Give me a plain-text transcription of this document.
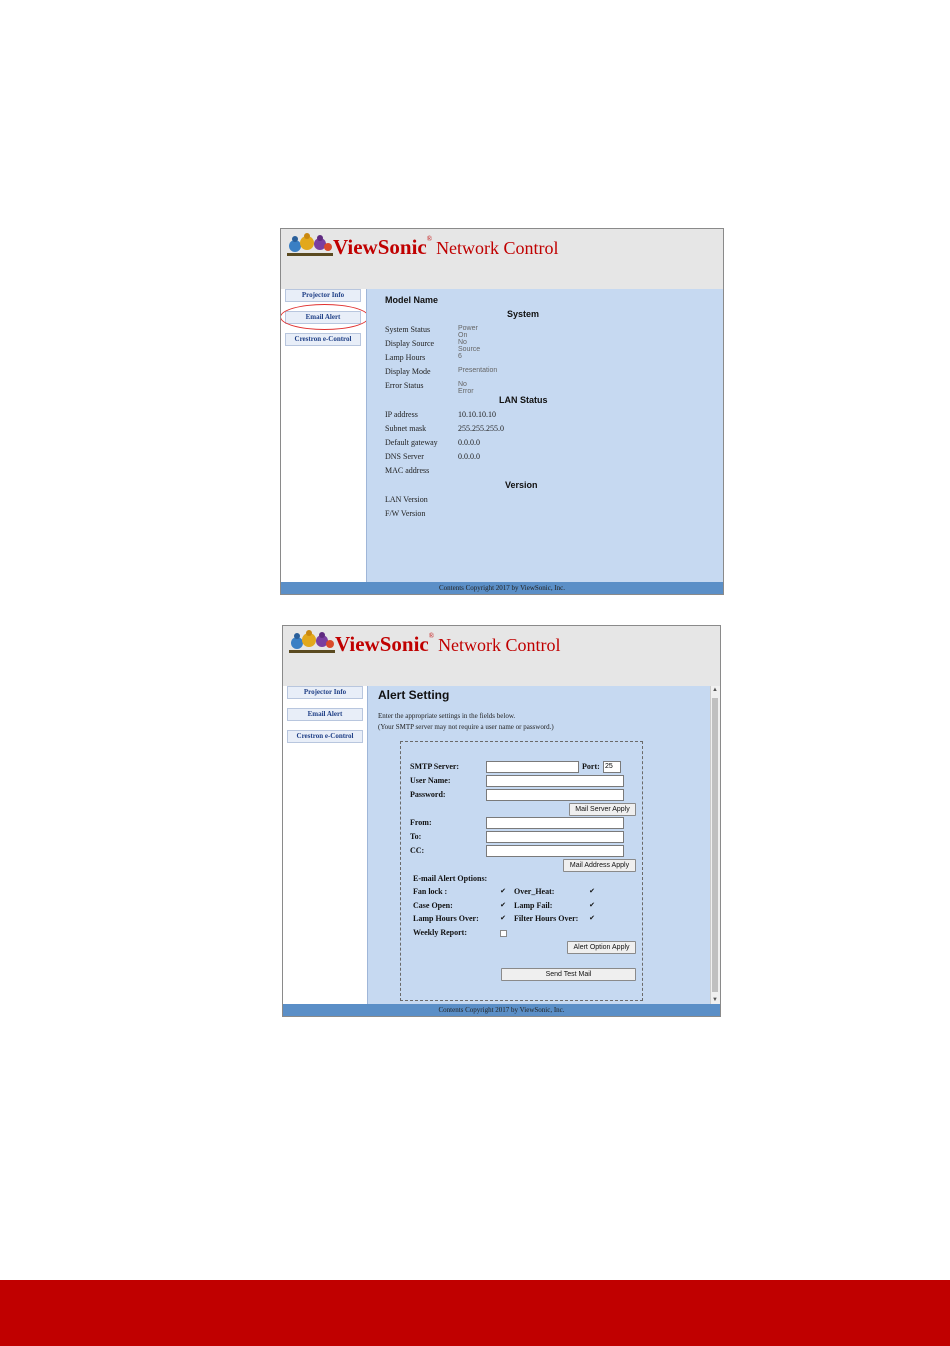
ViewSonic® Network Control
Projector Info
Email Alert
Crestron e-Control
Model Name
System
System Status	Power On
Display Source	No Source
Lamp Hours	6
Display Mode	Presentation
Error Status	No Error
LAN Status
IP address	10.10.10.10
Subnet mask	255.255.255.0
Default gateway	0.0.0.0
DNS Server	0.0.0.0
MAC address
Version
LAN Version
F/W Version
Contents Copyright 2017 by ViewSonic, Inc.
ViewSonic® Network Control
Projector Info
Email Alert
Crestron e-Control
Alert Setting
Enter the appropriate settings in the fields below.
(Your SMTP server may not require a user name or password.)
SMTP Server:	Port: 25
User Name:
Password:
Mail Server Apply
From:
To:
CC:
Mail Address Apply
E-mail Alert Options:
Fan lock :	✔ Over_Heat:	✔
Case Open:	✔ Lamp Fail:	✔
Lamp Hours Over:	✔ Filter Hours Over: ✔
Weekly Report:
Alert Option Apply
Send Test Mail
▲
▼
Contents Copyright 2017 by ViewSonic, Inc.
